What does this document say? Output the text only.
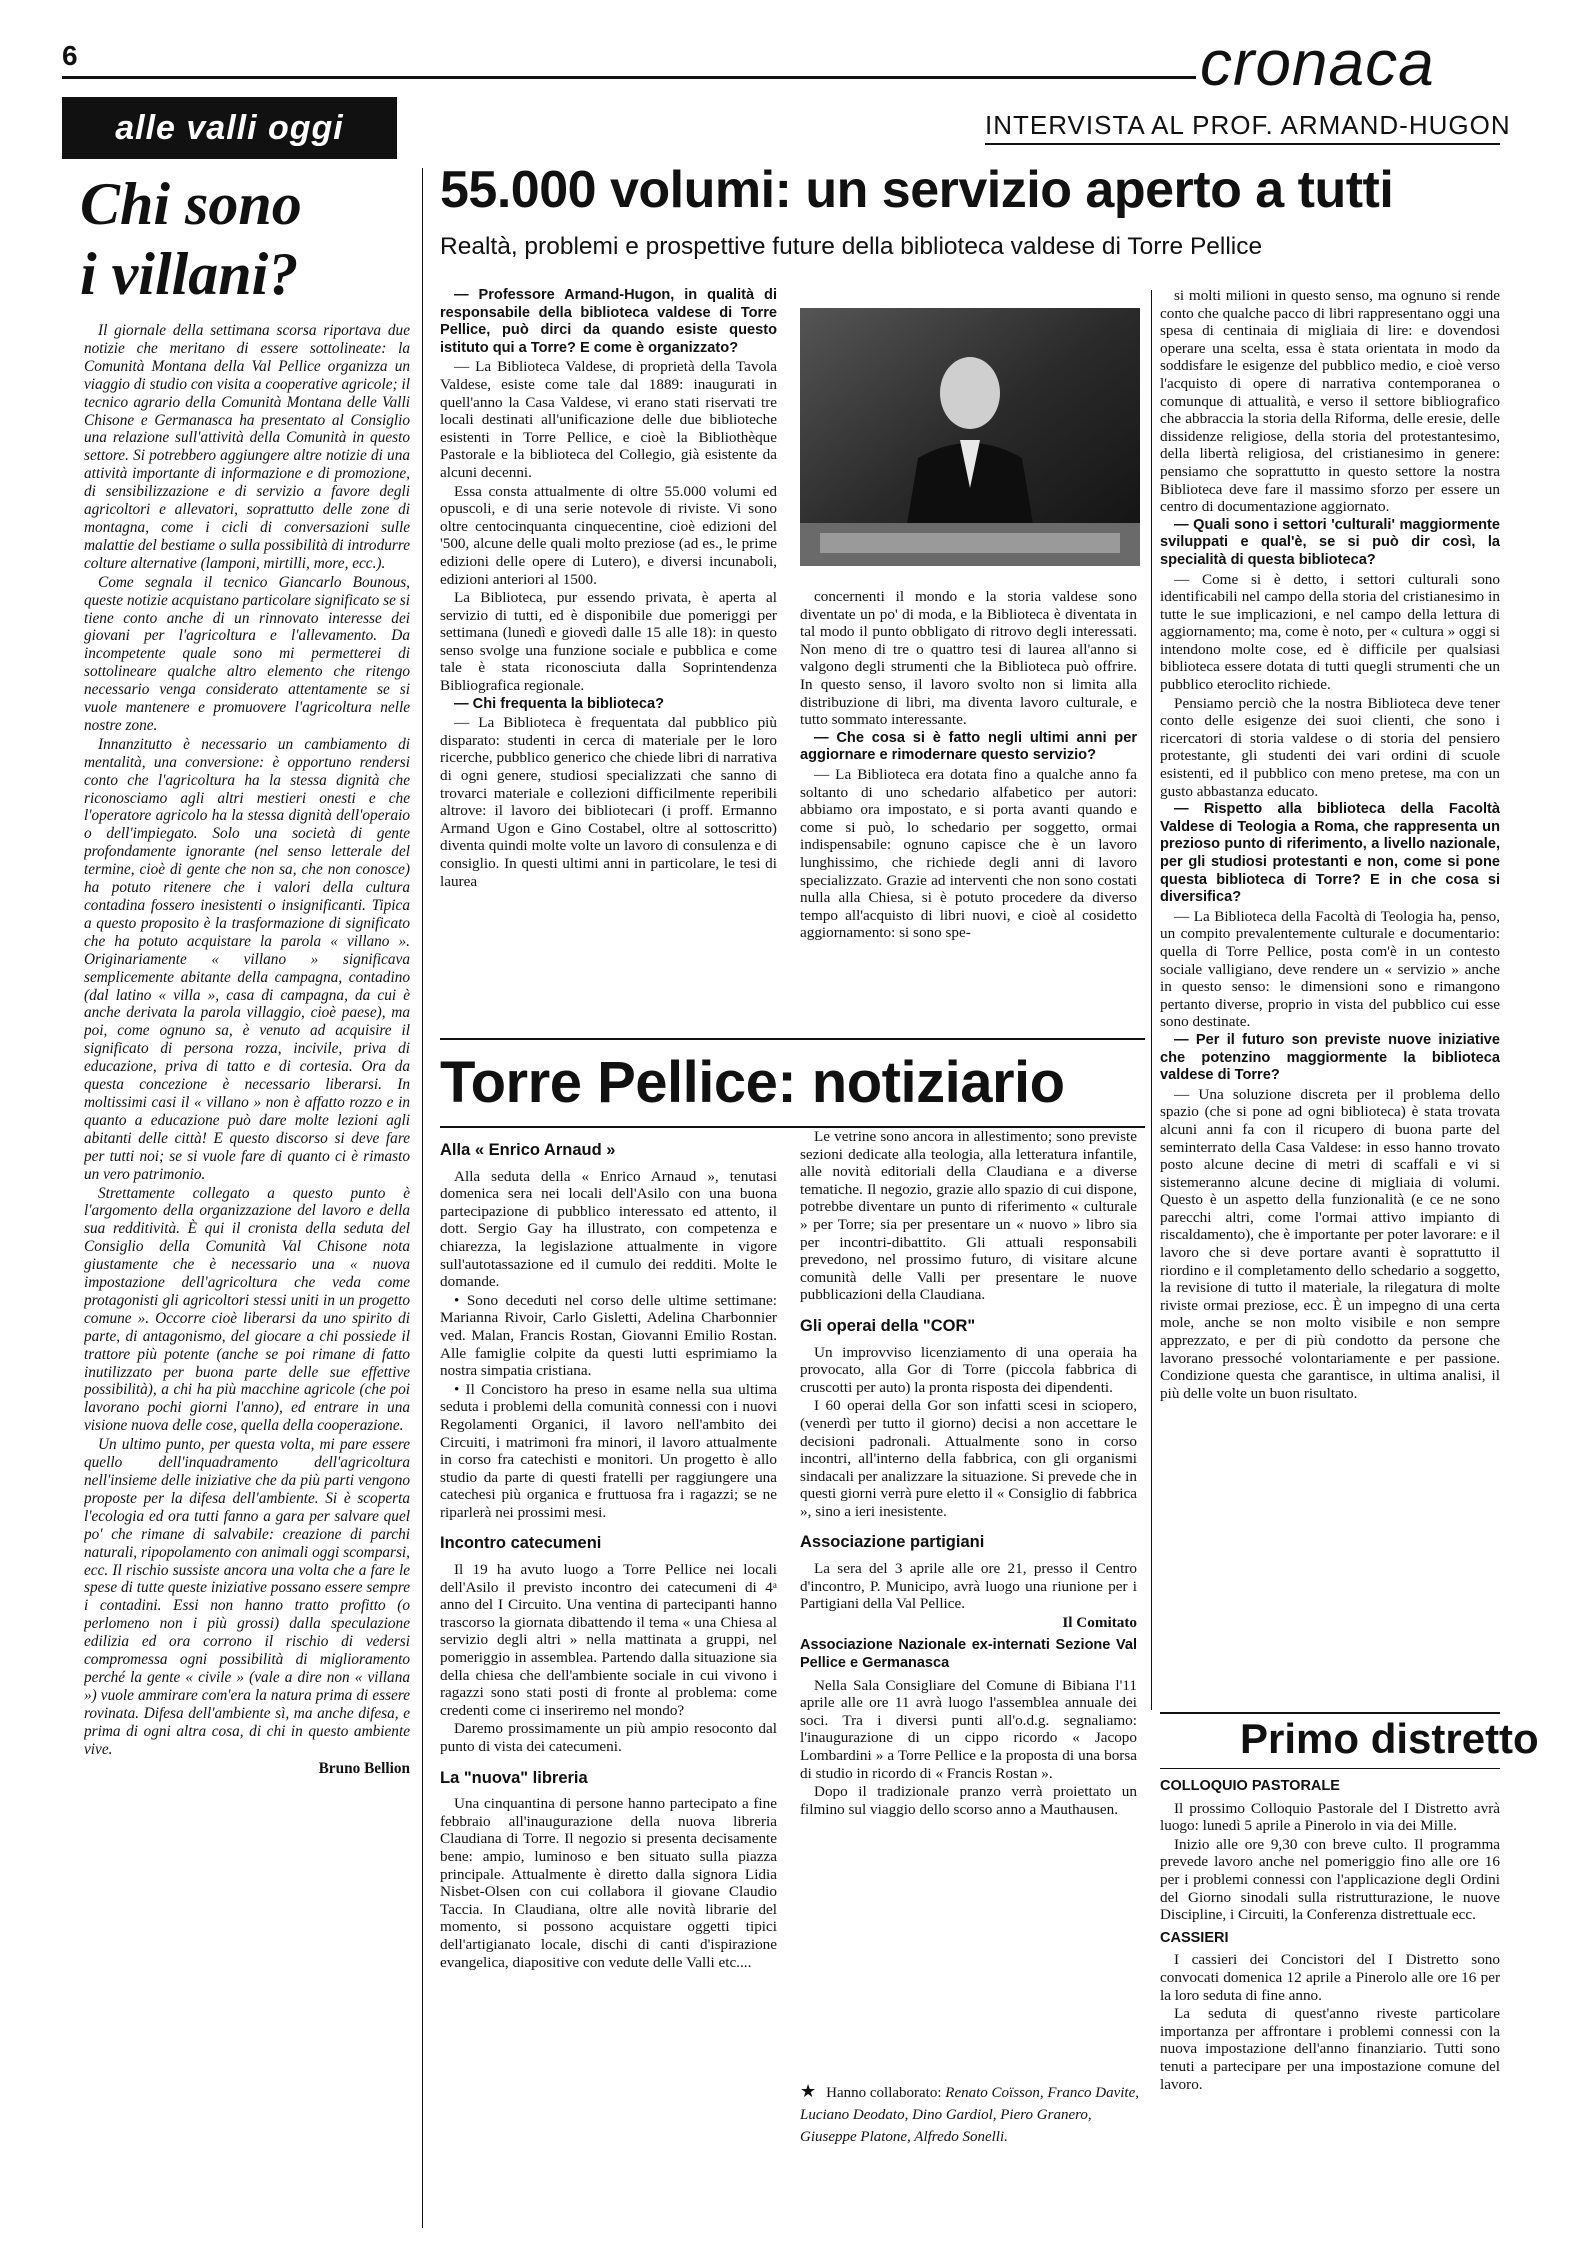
6	cronaca
INTERVISTA AL PROF. ARMAND-HUGON
alle valli oggi
Chi sono
i villani?

Il giornale della settimana scorsa riportava due notizie che meritano di essere sottolineate: la Comunità Montana della Val Pellice organizza un viaggio di studio con visita a cooperative agricole; il tecnico agrario della Comunità Montana delle Valli Chisone e Germanasca ha presentato al Consiglio una relazione sull'attività della Comunità in questo settore. Si potrebbero aggiungere altre notizie di una attività importante di informazione e di promozione, di sensibilizzazione e di servizio a favore degli agricoltori e allevatori, soprattutto delle zone di montagna, come i cicli di conversazioni sulle malattie del bestiame o sulla possibilità di introdurre colture alternative (lamponi, mirtilli, more, ecc.).

Come segnala il tecnico Giancarlo Bounous, queste notizie acquistano particolare significato se si tiene conto anche di un rinnovato interesse dei giovani per l'agricoltura e l'allevamento. Da incompetente quale sono mi permetterei di sottolineare qualche altro elemento che ritengo necessario venga considerato attentamente se si vuole mantenere e promuovere l'agricoltura nelle nostre zone.

Innanzitutto è necessario un cambiamento di mentalità, una conversione: è opportuno rendersi conto che l'agricoltura ha la stessa dignità che riconosciamo agli altri mestieri onesti e che l'operatore agricolo ha la stessa dignità dell'operaio o dell'impiegato. Solo una società di gente profondamente ignorante (nel senso letterale del termine, cioè di gente che non sa, che non conosce) ha potuto ritenere che i valori della cultura contadina fossero inesistenti o insignificanti. Tipica a questo proposito è la trasformazione di significato che ha potuto acquistare la parola « villano ». Originariamente « villano » significava semplicemente abitante della campagna, contadino (dal latino « villa », casa di campagna, da cui è anche derivata la parola villaggio, cioè paese), ma poi, come ognuno sa, è venuto ad acquisire il significato di persona rozza, incivile, priva di educazione, priva di tatto e di cortesia. Ora da questa concezione è necessario liberarsi. In moltissimi casi il « villano » non è affatto rozzo e in quanto a educazione può dare molte lezioni agli abitanti delle città! E questo discorso si deve fare per tutti noi; se si vuole fare di quanto ci è rimasto un vero patrimonio.

Strettamente collegato a questo punto è l'argomento della organizzazione del lavoro e della sua redditività. È qui il cronista della seduta del Consiglio della Comunità Val Chisone nota giustamente che è necessario una « nuova impostazione dell'agricoltura che veda come protagonisti gli agricoltori stessi uniti in un progetto comune ». Occorre cioè liberarsi da uno spirito di parte, di antagonismo, del giocare a chi possiede il trattore più potente (anche se poi rimane di fatto inutilizzato per buona parte delle sue effettive possibilità), a chi ha più macchine agricole (che poi lavorano pochi giorni l'anno), ed entrare in una visione nuova delle cose, quella della cooperazione.

Un ultimo punto, per questa volta, mi pare essere quello dell'inquadramento dell'agricoltura nell'insieme delle iniziative che da più parti vengono proposte per la difesa dell'ambiente. Si è scoperta l'ecologia ed ora tutti fanno a gara per salvare quel po' che rimane di salvabile: creazione di parchi naturali, ripopolamento con animali oggi scomparsi, ecc. Il rischio sussiste ancora una volta che a fare le spese di tutte queste iniziative possano essere sempre i contadini. Essi non hanno tratto profitto (o perlomeno non i più grossi) dalla speculazione edilizia ed ora corrono il rischio di vedersi compromessa ogni possibilità di miglioramento perché la gente « civile » (vale a dire non « villana ») vuole ammirare com'era la natura prima di essere rovinata. Difesa dell'ambiente sì, ma anche difesa, e prima di ogni altra cosa, di chi in questo ambiente vive.

Bruno Bellion

55.000 volumi: un servizio aperto a tutti
Realtà, problemi e prospettive future della biblioteca valdese di Torre Pellice

— Professore Armand-Hugon, in qualità di responsabile della biblioteca valdese di Torre Pellice, può dirci da quando esiste questo istituto qui a Torre? E come è organizzato?

— La Biblioteca Valdese, di proprietà della Tavola Valdese, esiste come tale dal 1889: inaugurati in quell'anno la Casa Valdese, vi erano stati riservati tre locali destinati all'unificazione delle due biblioteche esistenti in Torre Pellice, e cioè la Bibliothèque Pastorale e la biblioteca del Collegio, già esistente da alcuni decenni.

Essa consta attualmente di oltre 55.000 volumi ed opuscoli, e di una serie notevole di riviste. Vi sono oltre centocinquanta cinquecentine, cioè edizioni del '500, alcune delle quali molto preziose (ad es., le prime edizioni delle opere di Lutero), e diversi incunaboli, edizioni anteriori al 1500.

La Biblioteca, pur essendo privata, è aperta al servizio di tutti, ed è disponibile due pomeriggi per settimana (lunedì e giovedì dalle 15 alle 18): in questo senso svolge una funzione sociale e pubblica e come tale è stata riconosciuta dalla Soprintendenza Bibliografica regionale.

— Chi frequenta la biblioteca?

— La Biblioteca è frequentata dal pubblico più disparato: studenti in cerca di materiale per le loro ricerche, pubblico generico che chiede libri di narrativa di ogni genere, studiosi specializzati che sanno di trovarci materiale e collezioni difficilmente reperibili altrove: il lavoro dei bibliotecari (i proff. Ermanno Armand Ugon e Gino Costabel, oltre al sottoscritto) diventa quindi molte volte un lavoro di consulenza e di consiglio. In questi ultimi anni in particolare, le tesi di laurea

concernenti il mondo e la storia valdese sono diventate un po' di moda, e la Biblioteca è diventata in tal modo il punto obbligato di ritrovo degli interessati. Non meno di tre o quattro tesi di laurea all'anno si valgono degli strumenti che la Biblioteca può offrire. In questo senso, il lavoro svolto non si limita alla distribuzione di libri, ma diventa lavoro culturale, e tutto sommato interessante.

— Che cosa si è fatto negli ultimi anni per aggiornare e rimodernare questo servizio?

— La Biblioteca era dotata fino a qualche anno fa soltanto di uno schedario alfabetico per autori: abbiamo ora impostato, e si porta avanti quando e come si può, lo schedario per soggetto, ormai indispensabile: ognuno capisce che è un lavoro lunghissimo, che richiede degli anni di lavoro specializzato. Grazie ad interventi che non sono costati nulla alla Chiesa, si è potuto procedere da diverso tempo all'acquisto di libri nuovi, e cioè al cosidetto aggiornamento: si sono spe-

si molti milioni in questo senso, ma ognuno si rende conto che qualche pacco di libri rappresentano oggi una spesa di centinaia di migliaia di lire: e dovendosi operare una scelta, essa è stata orientata in modo da soddisfare le esigenze del pubblico medio, e cioè verso l'acquisto di opere di narrativa contemporanea o comunque di attualità, e verso il settore bibliografico che abbraccia la storia della Riforma, delle eresie, delle dissidenze religiose, della storia del protestantesimo, della libertà religiosa, del cristianesimo in genere: pensiamo che soprattutto in questo settore la nostra Biblioteca deve fare il massimo sforzo per essere un centro di documentazione aggiornato.

— Quali sono i settori 'culturali' maggiormente sviluppati e qual'è, se si può dir così, la specialità di questa biblioteca?

— Come si è detto, i settori culturali sono identificabili nel campo della storia del cristianesimo in tutte le sue implicazioni, e nel campo della lettura di aggiornamento; ma, come è noto, per « cultura » oggi si intendono molte cose, ed è difficile per qualsiasi biblioteca essere dotata di tutti quegli strumenti che un pubblico eteroclito richiede.

Pensiamo perciò che la nostra Biblioteca deve tener conto delle esigenze dei suoi clienti, che sono i ricercatori di storia valdese o di storia del pensiero protestante, gli studenti dei vari ordini di scuole esistenti, ed il pubblico con meno pretese, ma con un gusto abbastanza educato.

— Rispetto alla biblioteca della Facoltà Valdese di Teologia a Roma, che rappresenta un prezioso punto di riferimento, a livello nazionale, per gli studiosi protestanti e non, come si pone questa biblioteca di Torre? E in che cosa si diversifica?

— La Biblioteca della Facoltà di Teologia ha, penso, un compito prevalentemente culturale e documentario: quella di Torre Pellice, posta com'è in un contesto sociale valligiano, deve rendere un « servizio » anche in questo senso: le dimensioni sono e rimangono pertanto diverse, proprio in vista del pubblico cui esse sono destinate.

— Per il futuro son previste nuove iniziative che potenzino maggiormente la biblioteca valdese di Torre?

— Una soluzione discreta per il problema dello spazio (che si pone ad ogni biblioteca) è stata trovata alcuni anni fa con il ricupero di buona parte del seminterrato della Casa Valdese: in esso hanno trovato posto alcune decine di metri di scaffali e vi si sistemeranno alcune decine di migliaia di volumi. Questo è un aspetto della funzionalità (e ce ne sono parecchi altri, come l'ormai attivo impianto di riscaldamento), che è importante per poter lavorare: e il lavoro che si deve portare avanti è soprattutto il riordino e il completamento dello schedario a soggetto, la revisione di tutto il materiale, la rilegatura di molte riviste ormai preziose, ecc. È un impegno di una certa mole, anche se non molto visibile e non sempre apprezzato, e per di più condotto da persone che lavorano pressoché volontariamente e per passione. Condizione questa che garantisce, in ultima analisi, il più delle volte un buon risultato.

Torre Pellice: notiziario

Alla « Enrico Arnaud »

Alla seduta della « Enrico Arnaud », tenutasi domenica sera nei locali dell'Asilo con una buona partecipazione di pubblico interessato ed attento, il dott. Sergio Gay ha illustrato, con competenza e chiarezza, la legislazione attualmente in vigore sull'autotassazione ed il cumulo dei redditi. Molte le domande.

• Sono deceduti nel corso delle ultime settimane: Marianna Rivoir, Carlo Gisletti, Adelina Charbonnier ved. Malan, Francis Rostan, Giovanni Emilio Rostan. Alle famiglie colpite da questi lutti esprimiamo la nostra simpatia cristiana.

• Il Concistoro ha preso in esame nella sua ultima seduta i problemi della comunità connessi con i nuovi Regolamenti Organici, il lavoro nell'ambito dei Circuiti, i matrimoni fra minori, il lavoro attualmente in corso fra catechisti e monitori. Un progetto è allo studio da parte di questi fratelli per raggiungere una catechesi più organica e fruttuosa fra i ragazzi; se ne riparlerà nei prossimi mesi.

Incontro catecumeni

Il 19 ha avuto luogo a Torre Pellice nei locali dell'Asilo il previsto incontro dei catecumeni di 4ᵃ anno del I Circuito. Una ventina di partecipanti hanno trascorso la giornata dibattendo il tema « una Chiesa al servizio degli altri » nella mattinata a gruppi, nel pomeriggio in assemblea. Partendo dalla situazione sia della chiesa che dell'ambiente sociale in cui vivono i ragazzi sono stati posti di fronte al problema: come credenti come ci inseriremo nel mondo?

Daremo prossimamente un più ampio resoconto dal punto di vista dei catecumeni.

La "nuova" libreria

Una cinquantina di persone hanno partecipato a fine febbraio all'inaugurazione della nuova libreria Claudiana di Torre. Il negozio si presenta decisamente bene: ampio, luminoso e ben situato sulla piazza principale. Attualmente è diretto dalla signora Lidia Nisbet-Olsen con cui collabora il giovane Claudio Taccia. In Claudiana, oltre alle novità librarie del momento, si possono acquistare oggetti tipici dell'artigianato locale, dischi di canti d'ispirazione evangelica, diapositive con vedute delle Valli etc....

Le vetrine sono ancora in allestimento; sono previste sezioni dedicate alla teologia, alla letteratura infantile, alle novità editoriali della Claudiana e a diverse tematiche. Il negozio, grazie allo spazio di cui dispone, potrebbe diventare un punto di riferimento « culturale » per Torre; sia per presentare un « nuovo » libro sia per incontri-dibattito. Gli attuali responsabili prevedono, nel prossimo futuro, di visitare alcune comunità delle Valli per presentare le nuove pubblicazioni della Claudiana.

Gli operai della "COR"

Un improvviso licenziamento di una operaia ha provocato, alla Gor di Torre (piccola fabbrica di cruscotti per auto) la pronta risposta dei dipendenti.

I 60 operai della Gor son infatti scesi in sciopero, (venerdì per tutto il giorno) decisi a non accettare le decisioni padronali. Attualmente sono in corso incontri, all'interno della fabbrica, con gli organismi sindacali per analizzare la situazione. Si prevede che in questi giorni verrà pure eletto il « Consiglio di fabbrica », sino a ieri inesistente.

Associazione partigiani

La sera del 3 aprile alle ore 21, presso il Centro d'incontro, P. Municipo, avrà luogo una riunione per i Partigiani della Val Pellice.

Il Comitato

Associazione Nazionale ex-internati Sezione Val Pellice e Germanasca

Nella Sala Consigliare del Comune di Bibiana l'11 aprile alle ore 11 avrà luogo l'assemblea annuale dei soci. Tra i diversi punti all'o.d.g. segnaliamo: l'inaugurazione di un cippo ricordo « Jacopo Lombardini » a Torre Pellice e la proposta di una borsa di studio in ricordo di « Francis Rostan ».

Dopo il tradizionale pranzo verrà proiettato un filmino sul viaggio dello scorso anno a Mauthausen.

★ Hanno collaborato: Renato Coïsson, Franco Davite, Luciano Deodato, Dino Gardiol, Piero Granero, Giuseppe Platone, Alfredo Sonelli.

Primo distretto

COLLOQUIO PASTORALE

Il prossimo Colloquio Pastorale del I Distretto avrà luogo: lunedì 5 aprile a Pinerolo in via dei Mille.

Inizio alle ore 9,30 con breve culto. Il programma prevede lavoro anche nel pomeriggio fino alle ore 16 per i problemi connessi con l'applicazione degli Ordini del Giorno sinodali sulla ristrutturazione, le nuove Discipline, i Circuiti, la Conferenza distrettuale ecc.

CASSIERI

I cassieri dei Concistori del I Distretto sono convocati domenica 12 aprile a Pinerolo alle ore 16 per la loro seduta di fine anno.

La seduta di quest'anno riveste particolare importanza per affrontare i problemi connessi con la nuova impostazione dell'anno finanziario. Tutti sono tenuti a partecipare per una impostazione comune del lavoro.
